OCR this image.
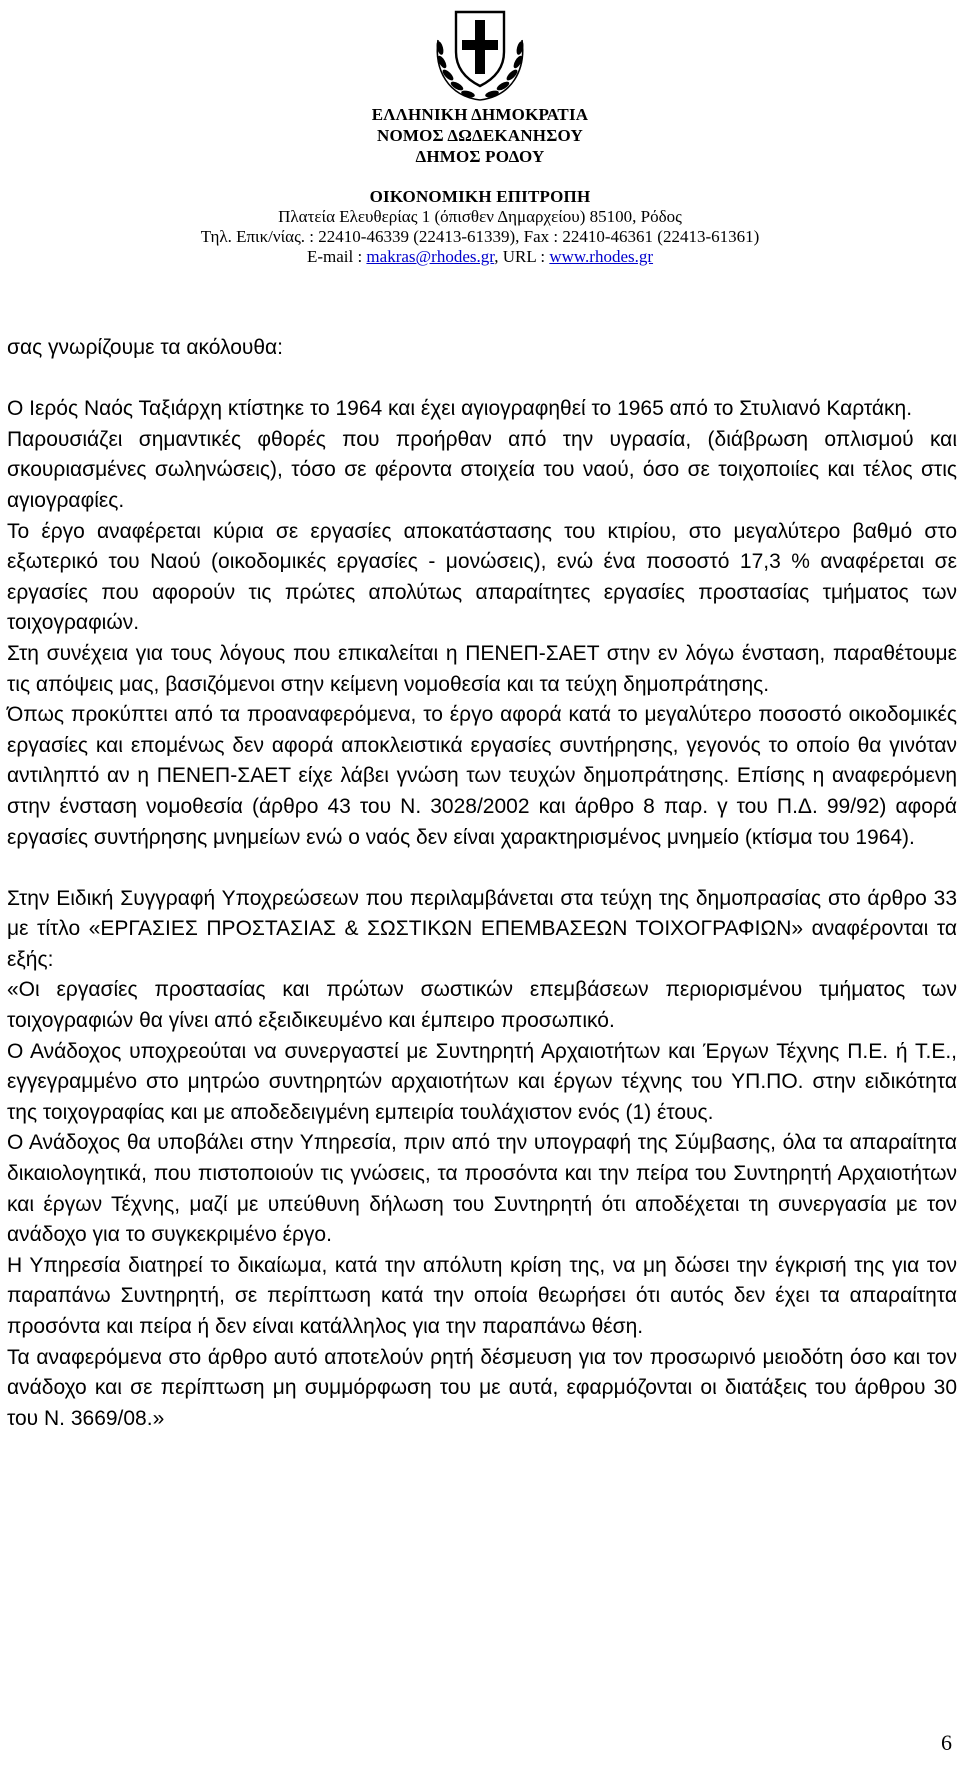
ΕΛΛΗΝΙΚΗ ΔΗΜΟΚΡΑΤΙΑ
ΝΟΜΟΣ ΔΩΔΕΚΑΝΗΣΟΥ
ΔΗΜΟΣ ΡΟΔΟΥ
ΟΙΚΟΝΟΜΙΚΗ ΕΠΙΤΡΟΠΗ
Πλατεία Ελευθερίας 1 (όπισθεν Δημαρχείου) 85100, Ρόδος
Τηλ. Επικ/νίας. : 22410-46339 (22413-61339), Fax : 22410-46361 (22413-61361)
E-mail : makras@rhodes.gr, URL : www.rhodes.gr

σας γνωρίζουμε τα ακόλουθα:

Ο Ιερός Ναός Ταξιάρχη κτίστηκε το 1964 και έχει αγιογραφηθεί το 1965 από το Στυλιανό Καρτάκη.

Παρουσιάζει σημαντικές φθορές που προήρθαν από την υγρασία, (διάβρωση οπλισμού και σκουριασμένες σωληνώσεις), τόσο σε φέροντα στοιχεία του ναού, όσο σε τοιχοποιίες και τέλος στις αγιογραφίες.

Το έργο αναφέρεται κύρια σε εργασίες αποκατάστασης του κτιρίου, στο μεγαλύτερο βαθμό στο εξωτερικό του Ναού (οικοδομικές εργασίες - μονώσεις), ενώ ένα ποσοστό 17,3 % αναφέρεται σε εργασίες που αφορούν τις πρώτες απολύτως απαραίτητες εργασίες προστασίας τμήματος των τοιχογραφιών.

Στη συνέχεια για τους λόγους που επικαλείται η ΠΕΝΕΠ-ΣΑΕΤ στην εν λόγω ένσταση, παραθέτουμε τις απόψεις μας, βασιζόμενοι στην κείμενη νομοθεσία και τα τεύχη δημοπράτησης.

Όπως προκύπτει από τα προαναφερόμενα, το έργο αφορά κατά το μεγαλύτερο ποσοστό οικοδομικές εργασίες και επομένως δεν αφορά αποκλειστικά εργασίες συντήρησης, γεγονός το οποίο θα γινόταν αντιληπτό αν η ΠΕΝΕΠ-ΣΑΕΤ είχε λάβει γνώση των τευχών δημοπράτησης. Επίσης η αναφερόμενη στην ένσταση νομοθεσία (άρθρο 43 του Ν. 3028/2002 και άρθρο 8 παρ. γ του Π.Δ. 99/92) αφορά εργασίες συντήρησης μνημείων ενώ ο ναός δεν είναι χαρακτηρισμένος μνημείο (κτίσμα του 1964).

Στην Ειδική Συγγραφή Υποχρεώσεων που περιλαμβάνεται στα τεύχη της δημοπρασίας στο άρθρο 33 με τίτλο «ΕΡΓΑΣΙΕΣ ΠΡΟΣΤΑΣΙΑΣ & ΣΩΣΤΙΚΩΝ ΕΠΕΜΒΑΣΕΩΝ ΤΟΙΧΟΓΡΑΦΙΩΝ» αναφέρονται τα εξής:

«Οι εργασίες προστασίας και πρώτων σωστικών επεμβάσεων περιορισμένου τμήματος των τοιχογραφιών θα γίνει από εξειδικευμένο και έμπειρο προσωπικό.

Ο Ανάδοχος υποχρεούται να συνεργαστεί με Συντηρητή Αρχαιοτήτων και Έργων Τέχνης Π.Ε. ή Τ.Ε., εγγεγραμμένο στο μητρώο συντηρητών αρχαιοτήτων και έργων τέχνης του ΥΠ.ΠΟ. στην ειδικότητα της τοιχογραφίας και με αποδεδειγμένη εμπειρία τουλάχιστον ενός (1) έτους.

Ο Ανάδοχος θα υποβάλει στην Υπηρεσία, πριν από την υπογραφή της Σύμβασης, όλα τα απαραίτητα δικαιολογητικά, που πιστοποιούν τις γνώσεις, τα προσόντα και την πείρα του Συντηρητή Αρχαιοτήτων και έργων Τέχνης, μαζί με υπεύθυνη δήλωση του Συντηρητή ότι αποδέχεται τη συνεργασία με τον ανάδοχο για το συγκεκριμένο έργο.

Η Υπηρεσία διατηρεί το δικαίωμα, κατά την απόλυτη κρίση της, να μη δώσει την έγκρισή της για τον παραπάνω Συντηρητή, σε περίπτωση κατά την οποία θεωρήσει ότι αυτός δεν έχει τα απαραίτητα προσόντα και πείρα ή δεν είναι κατάλληλος για την παραπάνω θέση.

Τα αναφερόμενα στο άρθρο αυτό αποτελούν ρητή δέσμευση για τον προσωρινό μειοδότη όσο και τον ανάδοχο και σε περίπτωση μη συμμόρφωση του με αυτά, εφαρμόζονται οι διατάξεις του άρθρου 30 του Ν. 3669/08.»

6
